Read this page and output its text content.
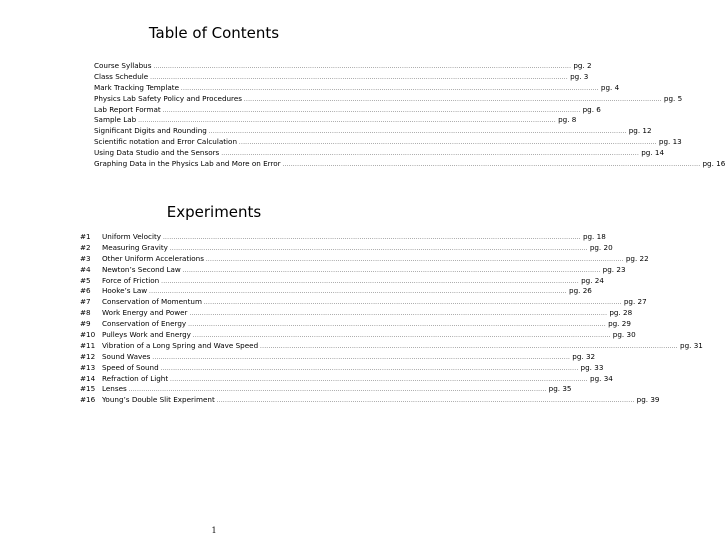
Table of Contents
Course Syllabus ........................................................................................................................................................................................................ pg. 2
Class Schedule ........................................................................................................................................................................................................ pg. 3
Mark Tracking Template ........................................................................................................................................................................................................ pg. 4
Physics Lab Safety Policy and Procedures ........................................................................................................................................................................................................ pg. 5
Lab Report Format ........................................................................................................................................................................................................ pg. 6
Sample Lab ........................................................................................................................................................................................................ pg. 8
Significant Digits and Rounding ........................................................................................................................................................................................................ pg. 12
Scientific notation and Error Calculation ........................................................................................................................................................................................................ pg. 13
Using Data Studio and the Sensors ........................................................................................................................................................................................................ pg. 14
Graphing Data in the Physics Lab and More on Error ........................................................................................................................................................................................................ pg. 16
Experiments
#1	Uniform Velocity ........................................................................................................................................................................................................ pg. 18
#2	Measuring Gravity ........................................................................................................................................................................................................ pg. 20
#3	Other Uniform Accelerations ........................................................................................................................................................................................................ pg. 22
#4	Newton’s Second Law ........................................................................................................................................................................................................ pg. 23
#5	Force of Friction ........................................................................................................................................................................................................ pg. 24
#6	Hooke’s Law ........................................................................................................................................................................................................ pg. 26
#7	Conservation of Momentum ........................................................................................................................................................................................................ pg. 27
#8	Work Energy and Power ........................................................................................................................................................................................................ pg. 28
#9	Conservation of Energy ........................................................................................................................................................................................................ pg. 29
#10 Pulleys Work and Energy ........................................................................................................................................................................................................ pg. 30
#11 Vibration of a Long Spring and Wave Speed ........................................................................................................................................................................................................ pg. 31
#12 Sound Waves ........................................................................................................................................................................................................ pg. 32
#13 Speed of Sound ........................................................................................................................................................................................................ pg. 33
#14 Refraction of Light ........................................................................................................................................................................................................ pg. 34
#15 Lenses ........................................................................................................................................................................................................ pg. 35
#16 Young’s Double Slit Experiment ........................................................................................................................................................................................................ pg. 39
1
